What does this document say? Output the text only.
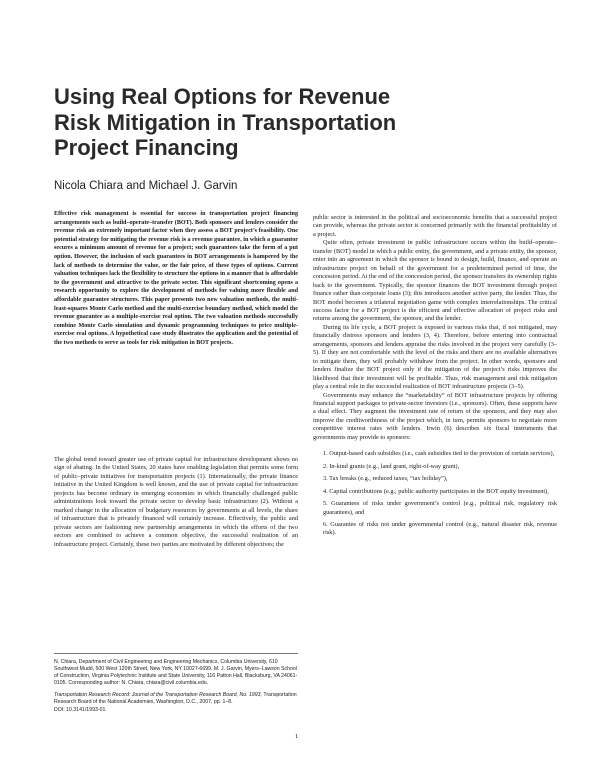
Using Real Options for Revenue Risk Mitigation in Transportation Project Financing
Nicola Chiara and Michael J. Garvin

Effective risk management is essential for success in transportation project financing arrangements such as build–operate–transfer (BOT). Both sponsors and lenders consider the revenue risk an extremely important factor when they assess a BOT project’s feasibility. One potential strategy for mitigating the revenue risk is a revenue guarantee, in which a guarantor secures a minimum amount of revenue for a project; such guarantees take the form of a put option. However, the inclusion of such guarantees in BOT arrangements is hampered by the lack of methods to determine the value, or the fair price, of these types of options. Current valuation techniques lack the flexibility to structure the options in a manner that is affordable to the government and attractive to the private sector. This significant shortcoming opens a research opportunity to explore the development of methods for valuing more flexible and affordable guarantee structures. This paper presents two new valuation methods, the multi-least-squares Monte Carlo method and the multi-exercise boundary method, which model the revenue guarantee as a multiple-exercise real option. The two valuation methods successfully combine Monte Carlo simulation and dynamic programming techniques to price multiple-exercise real options. A hypothetical case study illustrates the application and the potential of the two methods to serve as tools for risk mitigation in BOT projects.

The global trend toward greater use of private capital for infrastructure development shows no sign of abating. In the United States, 20 states have enabling legislation that permits some form of public–private initiatives for transportation projects (1). Internationally, the private finance initiative in the United Kingdom is well known, and the use of private capital for infrastructure projects has become ordinary in emerging economies in which financially challenged public administrations look toward the private sector to develop basic infrastructure (2). Without a marked change in the allocation of budgetary resources by governments at all levels, the share of infrastructure that is privately financed will certainly increase. Effectively, the public and private sectors are fashioning new partnership arrangements in which the efforts of the two sectors are combined to achieve a common objective, the successful realization of an infrastructure project. Certainly, these two parties are motivated by different objectives; the

N. Chiara, Department of Civil Engineering and Engineering Mechanics, Columbia University, 610 Southwest Mudd, 500 West 120th Street, New York, NY 10027-6699. M. J. Garvin, Myers–Lawson School of Construction, Virginia Polytechnic Institute and State University, 116 Patton Hall, Blacksburg, VA 24061-0105. Corresponding author: N. Chiara, chiara@civil.columbia.edu.

Transportation Research Record: Journal of the Transportation Research Board, No. 1993, Transportation Research Board of the National Academies, Washington, D.C., 2007, pp. 1–8.

DOI: 10.3141/1993-01

public sector is interested in the political and socioeconomic benefits that a successful project can provide, whereas the private sector is concerned primarily with the financial profitability of a project.

Quite often, private investment in public infrastructure occurs within the build–operate–transfer (BOT) model in which a public entity, the government, and a private entity, the sponsor, enter into an agreement in which the sponsor is bound to design, build, finance, and operate an infrastructure project on behalf of the government for a predetermined period of time, the concession period. At the end of the concession period, the sponsor transfers its ownership rights back to the government. Typically, the sponsor finances the BOT investment through project finance rather than corporate loans (3); this introduces another active party, the lender. Thus, the BOT model becomes a trilateral negotiation game with complex interrelationships. The critical success factor for a BOT project is the efficient and effective allocation of project risks and returns among the government, the sponsor, and the lender.

During its life cycle, a BOT project is exposed to various risks that, if not mitigated, may financially distress sponsors and lenders (3, 4). Therefore, before entering into contractual arrangements, sponsors and lenders appraise the risks involved in the project very carefully (3–5). If they are not comfortable with the level of the risks and there are no available alternatives to mitigate them, they will probably withdraw from the project. In other words, sponsors and lenders finalize the BOT project only if the mitigation of the project’s risks improves the likelihood that their investment will be profitable. Thus, risk management and risk mitigation play a central role in the successful realization of BOT infrastructure projects (3–5).

Governments may enhance the “marketability” of BOT infrastructure projects by offering financial support packages to private-sector investors (i.e., sponsors). Often, these supports have a dual effect. They augment the investment rate of return of the sponsors, and they may also improve the creditworthiness of the project which, in turn, permits sponsors to negotiate more competitive interest rates with lenders. Irwin (6) describes six fiscal instruments that governments may provide to sponsors:

1. Output-based cash subsidies (i.e., cash subsidies tied to the provision of certain services),
2. In-kind grants (e.g., land grant, right-of-way grant),
3. Tax breaks (e.g., reduced taxes, “tax holiday”),
4. Capital contributions (e.g., public authority participates in the BOT equity investment),
5. Guarantees of risks under government’s control (e.g., political risk, regulatory risk guarantees), and
6. Guarantee of risks not under governmental control (e.g., natural disaster risk, revenue risk).
1
